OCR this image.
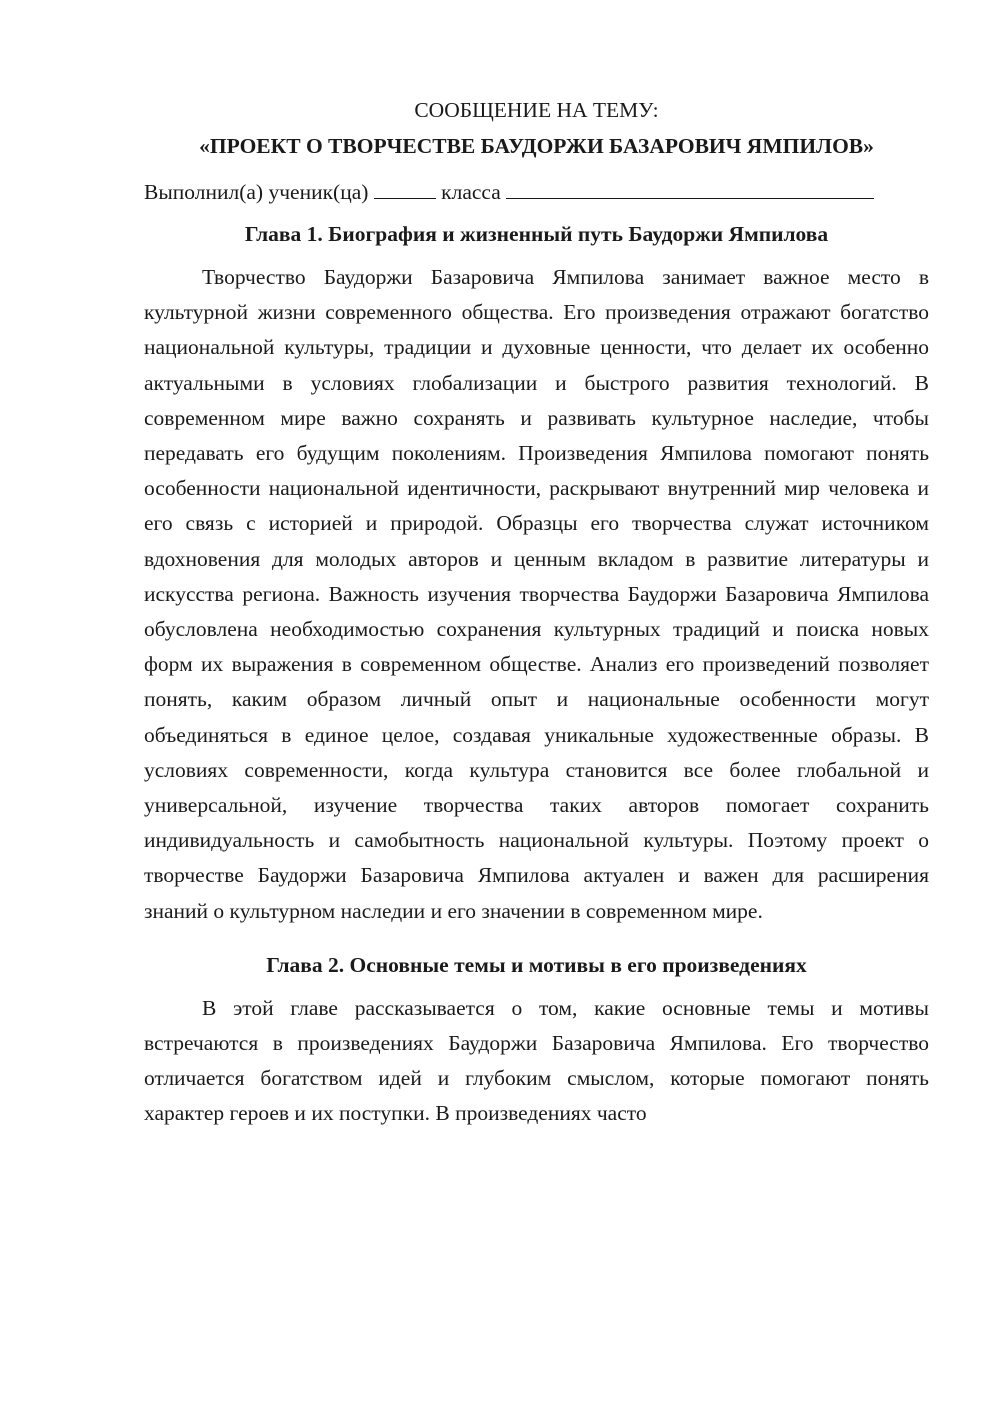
СООБЩЕНИЕ НА ТЕМУ:

«ПРОЕКТ О ТВОРЧЕСТВЕ БАУДОРЖИ БАЗАРОВИЧ ЯМПИЛОВ»

Выполнил(а) ученик(ца)	класса

Глава 1. Биография и жизненный путь Баудоржи Ямпилова

Творчество Баудоржи Базаровича Ямпилова занимает важное место в культурной жизни современного общества. Его произведения отражают богатство национальной культуры, традиции и духовные ценности, что делает их особенно актуальными в условиях глобализации и быстрого развития технологий. В современном мире важно сохранять и развивать культурное наследие, чтобы передавать его будущим поколениям. Произведения Ямпилова помогают понять особенности национальной идентичности, раскрывают внутренний мир человека и его связь с историей и природой. Образцы его творчества служат источником вдохновения для молодых авторов и ценным вкладом в развитие литературы и искусства региона. Важность изучения творчества Баудоржи Базаровича Ямпилова обусловлена необходимостью сохранения культурных традиций и поиска новых форм их выражения в современном обществе. Анализ его произведений позволяет понять, каким образом личный опыт и национальные особенности могут объединяться в единое целое, создавая уникальные художественные образы. В условиях современности, когда культура становится все более глобальной и универсальной, изучение творчества таких авторов помогает сохранить индивидуальность и самобытность национальной культуры. Поэтому проект о творчестве Баудоржи Базаровича Ямпилова актуален и важен для расширения знаний о культурном наследии и его значении в современном мире.

Глава 2. Основные темы и мотивы в его произведениях

В этой главе рассказывается о том, какие основные темы и мотивы встречаются в произведениях Баудоржи Базаровича Ямпилова. Его творчество отличается богатством идей и глубоким смыслом, которые помогают понять характер героев и их поступки. В произведениях часто
